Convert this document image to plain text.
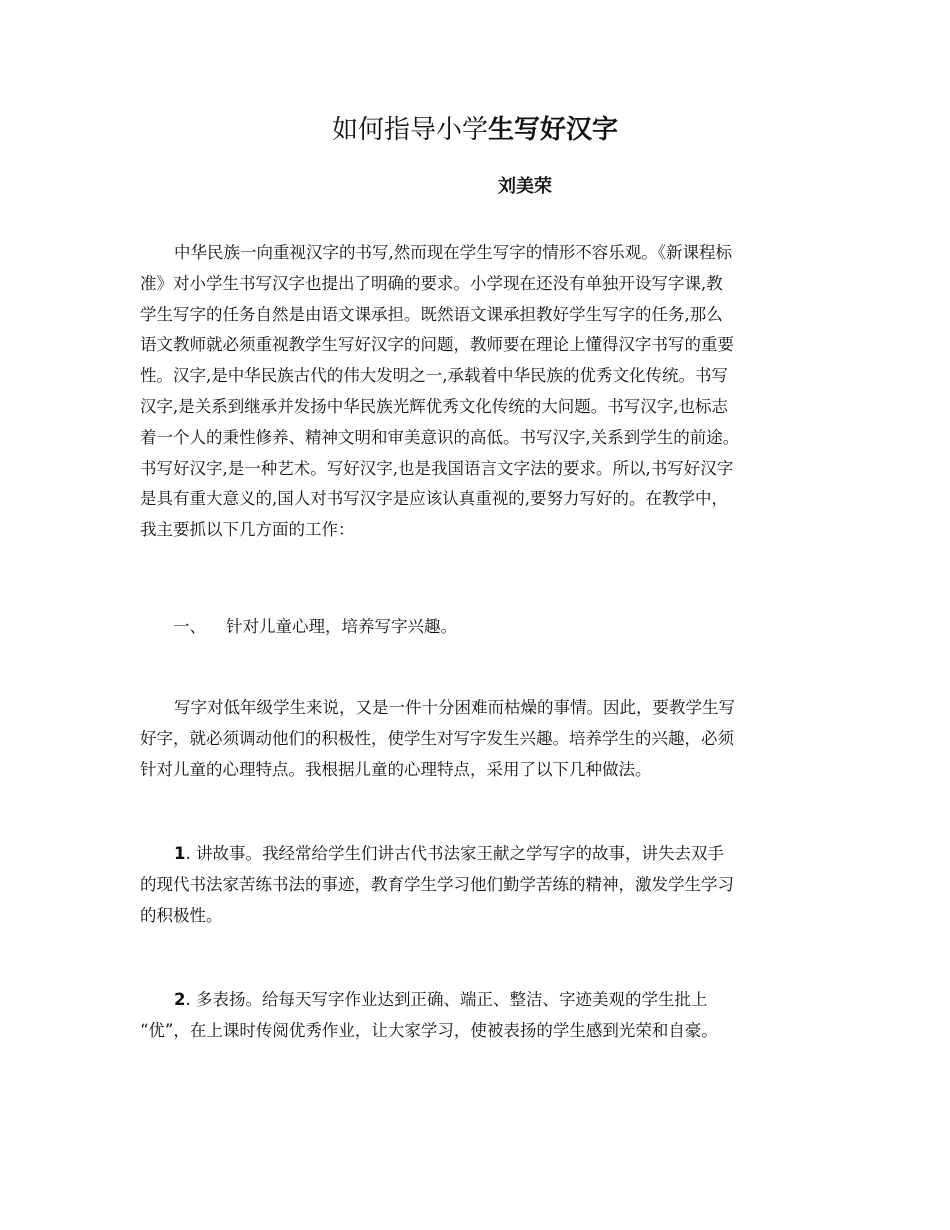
如何指导小学生写好汉字
刘美荣
中华民族一向重视汉字的书写,然而现在学生写字的情形不容乐观。《新课程标
准》对小学生书写汉字也提出了明确的要求。小学现在还没有单独开设写字课,教
学生写字的任务自然是由语文课承担。既然语文课承担教好学生写字的任务,那么
语文教师就必须重视教学生写好汉字的问题，教师要在理论上懂得汉字书写的重要
性。汉字,是中华民族古代的伟大发明之一,承载着中华民族的优秀文化传统。书写
汉字,是关系到继承并发扬中华民族光辉优秀文化传统的大问题。书写汉字,也标志
着一个人的秉性修养、精神文明和审美意识的高低。书写汉字,关系到学生的前途。
书写好汉字,是一种艺术。写好汉字,也是我国语言文字法的要求。所以,书写好汉字
是具有重大意义的,国人对书写汉字是应该认真重视的,要努力写好的。在教学中，
我主要抓以下几方面的工作：
一、 针对儿童心理，培养写字兴趣。
写字对低年级学生来说，又是一件十分困难而枯燥的事情。因此，要教学生写
好字，就必须调动他们的积极性，使学生对写字发生兴趣。培养学生的兴趣，必须
针对儿童的心理特点。我根据儿童的心理特点，采用了以下几种做法。
1. 讲故事。我经常给学生们讲古代书法家王献之学写字的故事，讲失去双手
的现代书法家苦练书法的事迹，教育学生学习他们勤学苦练的精神，激发学生学习
的积极性。
2. 多表扬。给每天写字作业达到正确、端正、整洁、字迹美观的学生批上
“优”，在上课时传阅优秀作业，让大家学习，使被表扬的学生感到光荣和自豪。
